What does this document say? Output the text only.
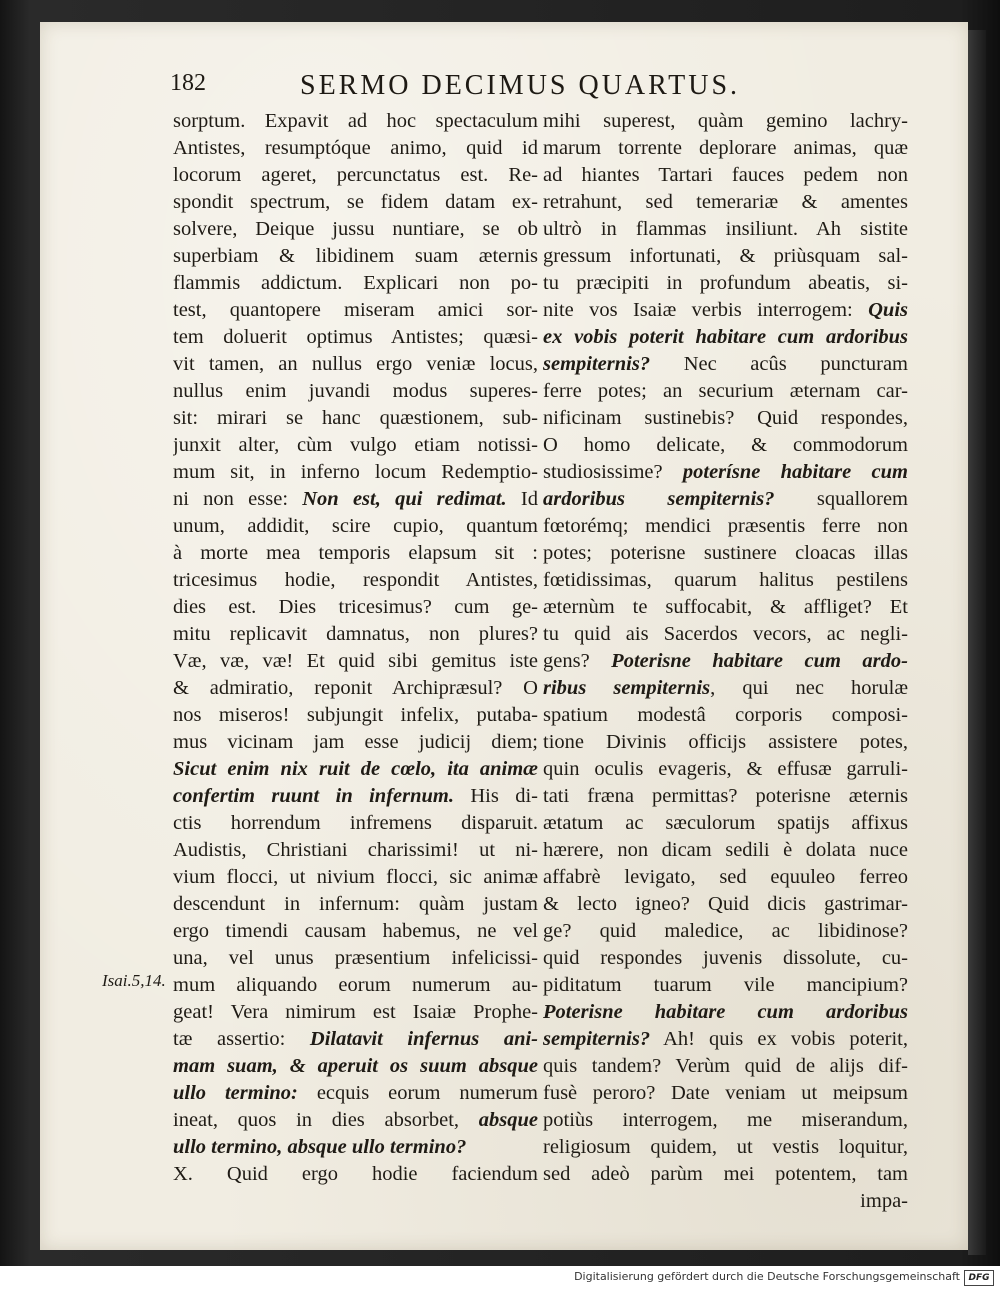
182	SERMO DECIMUS QUARTUS.
Isai.5,14.
sorptum. Expavit ad hoc spectaculum
Antistes, resumptóque animo, quid id
locorum ageret, percunctatus est. Re-
spondit spectrum, se fidem datam ex-
solvere, Deique jussu nuntiare, se ob
superbiam & libidinem suam æternis
flammis addictum. Explicari non po-
test, quantopere miseram amici sor-
tem doluerit optimus Antistes; quæsi-
vit tamen, an nullus ergo veniæ locus,
nullus enim juvandi modus superes-
sit: mirari se hanc quæstionem, sub-
junxit alter, cùm vulgo etiam notissi-
mum sit, in inferno locum Redemptio-
ni non esse: Non est, qui redimat. Id
unum, addidit, scire cupio, quantum
à morte mea temporis elapsum sit :
tricesimus hodie, respondit Antistes,
dies est. Dies tricesimus? cum ge-
mitu replicavit damnatus, non plures?
Væ, væ, væ! Et quid sibi gemitus iste
& admiratio, reponit Archipræsul? O
nos miseros! subjungit infelix, putaba-
mus vicinam jam esse judicij diem;
Sicut enim nix ruit de cœlo, ita animæ
confertim ruunt in infernum. His di-
ctis horrendum infremens disparuit.
Audistis, Christiani charissimi! ut ni-
vium flocci, ut nivium flocci, sic animæ
descendunt in infernum: quàm justam
ergo timendi causam habemus, ne vel
una, vel unus præsentium infelicissi-
mum aliquando eorum numerum au-
geat! Vera nimirum est Isaiæ Prophe-
tæ assertio: Dilatavit infernus ani-
mam suam, & aperuit os suum absque
ullo termino: ecquis eorum numerum
ineat, quos in dies absorbet, absque
ullo termino, absque ullo termino?
X. Quid ergo hodie faciendum
mihi superest, quàm gemino lachry-
marum torrente deplorare animas, quæ
ad hiantes Tartari fauces pedem non
retrahunt, sed temerariæ & amentes
ultrò in flammas insiliunt. Ah sistite
gressum infortunati, & priùsquam sal-
tu præcipiti in profundum abeatis, si-
nite vos Isaiæ verbis interrogem: Quis
ex vobis poterit habitare cum ardoribus
sempiternis? Nec acûs puncturam
ferre potes; an securium æternam car-
nificinam sustinebis? Quid respondes,
O homo delicate, & commodorum
studiosissime? poterísne habitare cum
ardoribus sempiternis? squallorem
fœtorémq; mendici præsentis ferre non
potes; poterisne sustinere cloacas illas
fœtidissimas, quarum halitus pestilens
æternùm te suffocabit, & affliget? Et
tu quid ais Sacerdos vecors, ac negli-
gens? Poterisne habitare cum ardo-
ribus sempiternis, qui nec horulæ
spatium modestâ corporis composi-
tione Divinis officijs assistere potes,
quin oculis evageris, & effusæ garruli-
tati fræna permittas? poterisne æternis
ætatum ac sæculorum spatijs affixus
hærere, non dicam sedili è dolata nuce
affabrè levigato, sed equuleo ferreo
& lecto igneo? Quid dicis gastrimar-
ge? quid maledice, ac libidinose?
quid respondes juvenis dissolute, cu-
piditatum tuarum vile mancipium?
Poterisne habitare cum ardoribus
sempiternis? Ah! quis ex vobis poterit,
quis tandem? Verùm quid de alijs dif-
fusè peroro? Date veniam ut meipsum
potiùs interrogem, me miserandum,
religiosum quidem, ut vestis loquitur,
sed adeò parùm mei potentem, tam
impa-
Digitalisierung gefördert durch die Deutsche Forschungsgemeinschaft DFG
